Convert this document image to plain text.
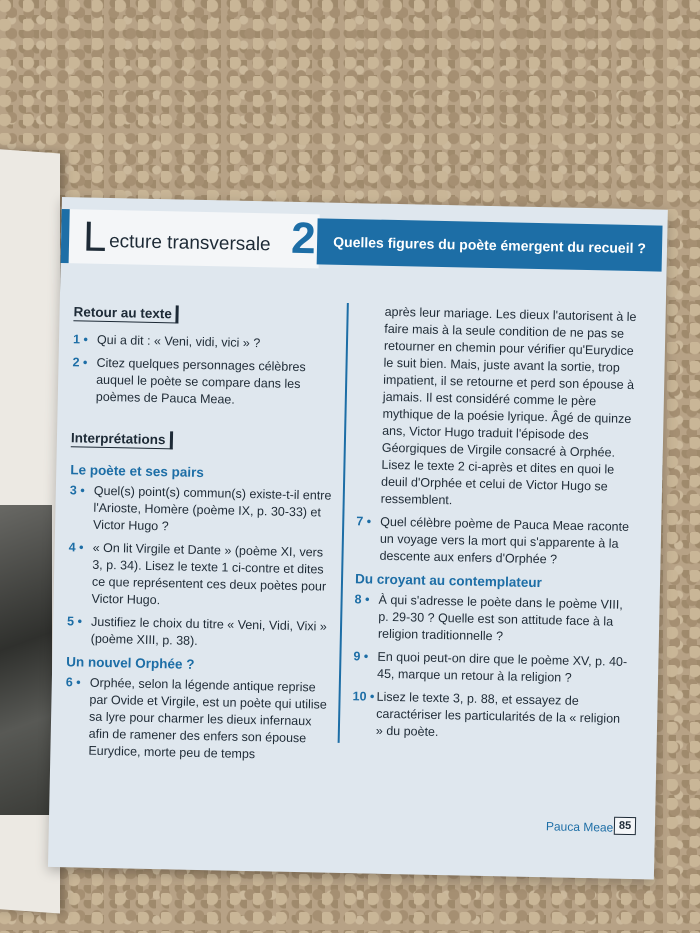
L ecture transversale 2	Quelles figures du poète émergent du recueil ?
Retour au texte
1 • Qui a dit : « Veni, vidi, vici » ?
2 • Citez quelques personnages célèbres auquel le poète se compare dans les poèmes de Pauca Meae.
Interprétations
Le poète et ses pairs
3 • Quel(s) point(s) commun(s) existe-t-il entre l'Arioste, Homère (poème IX, p. 30-33) et Victor Hugo ?
4 • « On lit Virgile et Dante » (poème XI, vers 3, p. 34). Lisez le texte 1 ci-contre et dites ce que représentent ces deux poètes pour Victor Hugo.
5 • Justifiez le choix du titre « Veni, Vidi, Vixi » (poème XIII, p. 38).
Un nouvel Orphée ?
6 • Orphée, selon la légende antique reprise par Ovide et Virgile, est un poète qui utilise sa lyre pour charmer les dieux infernaux afin de ramener des enfers son épouse Eurydice, morte peu de temps
après leur mariage. Les dieux l'autorisent à le faire mais à la seule condition de ne pas se retourner en chemin pour vérifier qu'Eurydice le suit bien. Mais, juste avant la sortie, trop impatient, il se retourne et perd son épouse à jamais. Il est considéré comme le père mythique de la poésie lyrique. Âgé de quinze ans, Victor Hugo traduit l'épisode des Géorgiques de Virgile consacré à Orphée. Lisez le texte 2 ci-après et dites en quoi le deuil d'Orphée et celui de Victor Hugo se ressemblent.
7 • Quel célèbre poème de Pauca Meae raconte un voyage vers la mort qui s'apparente à la descente aux enfers d'Orphée ?
Du croyant au contemplateur
8 • À qui s'adresse le poète dans le poème VIII, p. 29-30 ? Quelle est son attitude face à la religion traditionnelle ?
9 • En quoi peut-on dire que le poème XV, p. 40-45, marque un retour à la religion ?
10 • Lisez le texte 3, p. 88, et essayez de caractériser les particularités de la « religion » du poète.
Pauca Meae 85
